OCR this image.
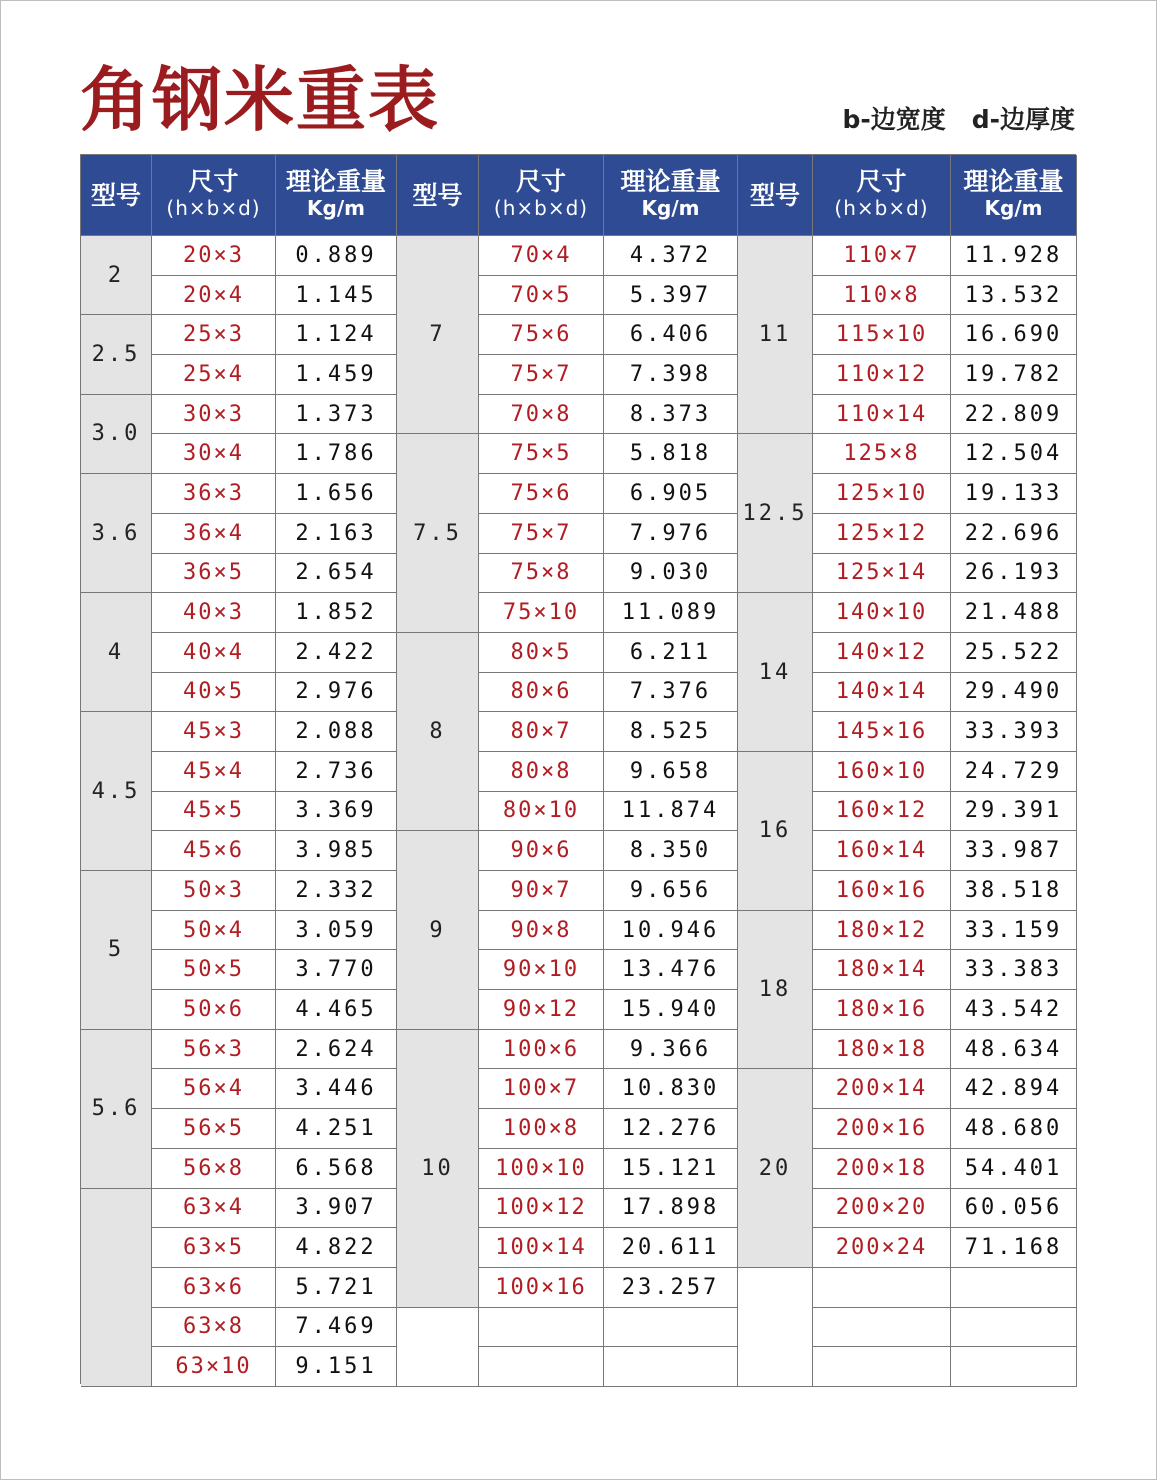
角钢米重表	b-边宽度 d-边厚度
型号 尺寸
(h×b×d)
理论重量
Kg/m
2
20×3	0.889
20×4	1.145
2.5
25×3	1.124
25×4	1.459
3.0
30×3	1.373
30×4	1.786
3.6
36×3	1.656
36×4	2.163
36×5	2.654
4
40×3	1.852
40×4	2.422
40×5	2.976
4.5
45×3	2.088
45×4	2.736
45×5	3.369
45×6	3.985
5
50×3	2.332
50×4	3.059
50×5	3.770
50×6	4.465
5.6
56×3	2.624
56×4	3.446
56×5	4.251
56×8	6.568
63×4	3.907
63×5	4.822
63×6	5.721
63×8	7.469
63×10	9.151
型号 尺寸
(h×b×d)
理论重量
Kg/m
7
70×4	4.372
70×5	5.397
75×6	6.406
75×7	7.398
70×8	8.373
7.5
75×5	5.818
75×6	6.905
75×7	7.976
75×8	9.030
75×10	11.089
8
80×5	6.211
80×6	7.376
80×7	8.525
80×8	9.658
80×10	11.874
9
90×6	8.350
90×7	9.656
90×8	10.946
90×10	13.476
90×12	15.940
10
100×6	9.366
100×7	10.830
100×8	12.276
100×10	15.121
100×12	17.898
100×14	20.611
100×16	23.257
型号 尺寸
(h×b×d)
理论重量
Kg/m
11
110×7	11.928
110×8	13.532
115×10	16.690
110×12	19.782
110×14	22.809
12.5
125×8	12.504
125×10	19.133
125×12	22.696
125×14	26.193
14
140×10	21.488
140×12	25.522
140×14	29.490
145×16	33.393
16
160×10	24.729
160×12	29.391
160×14	33.987
160×16	38.518
18
180×12	33.159
180×14	33.383
180×16	43.542
180×18	48.634
20
200×14	42.894
200×16	48.680
200×18	54.401
200×20	60.056
200×24	71.168
